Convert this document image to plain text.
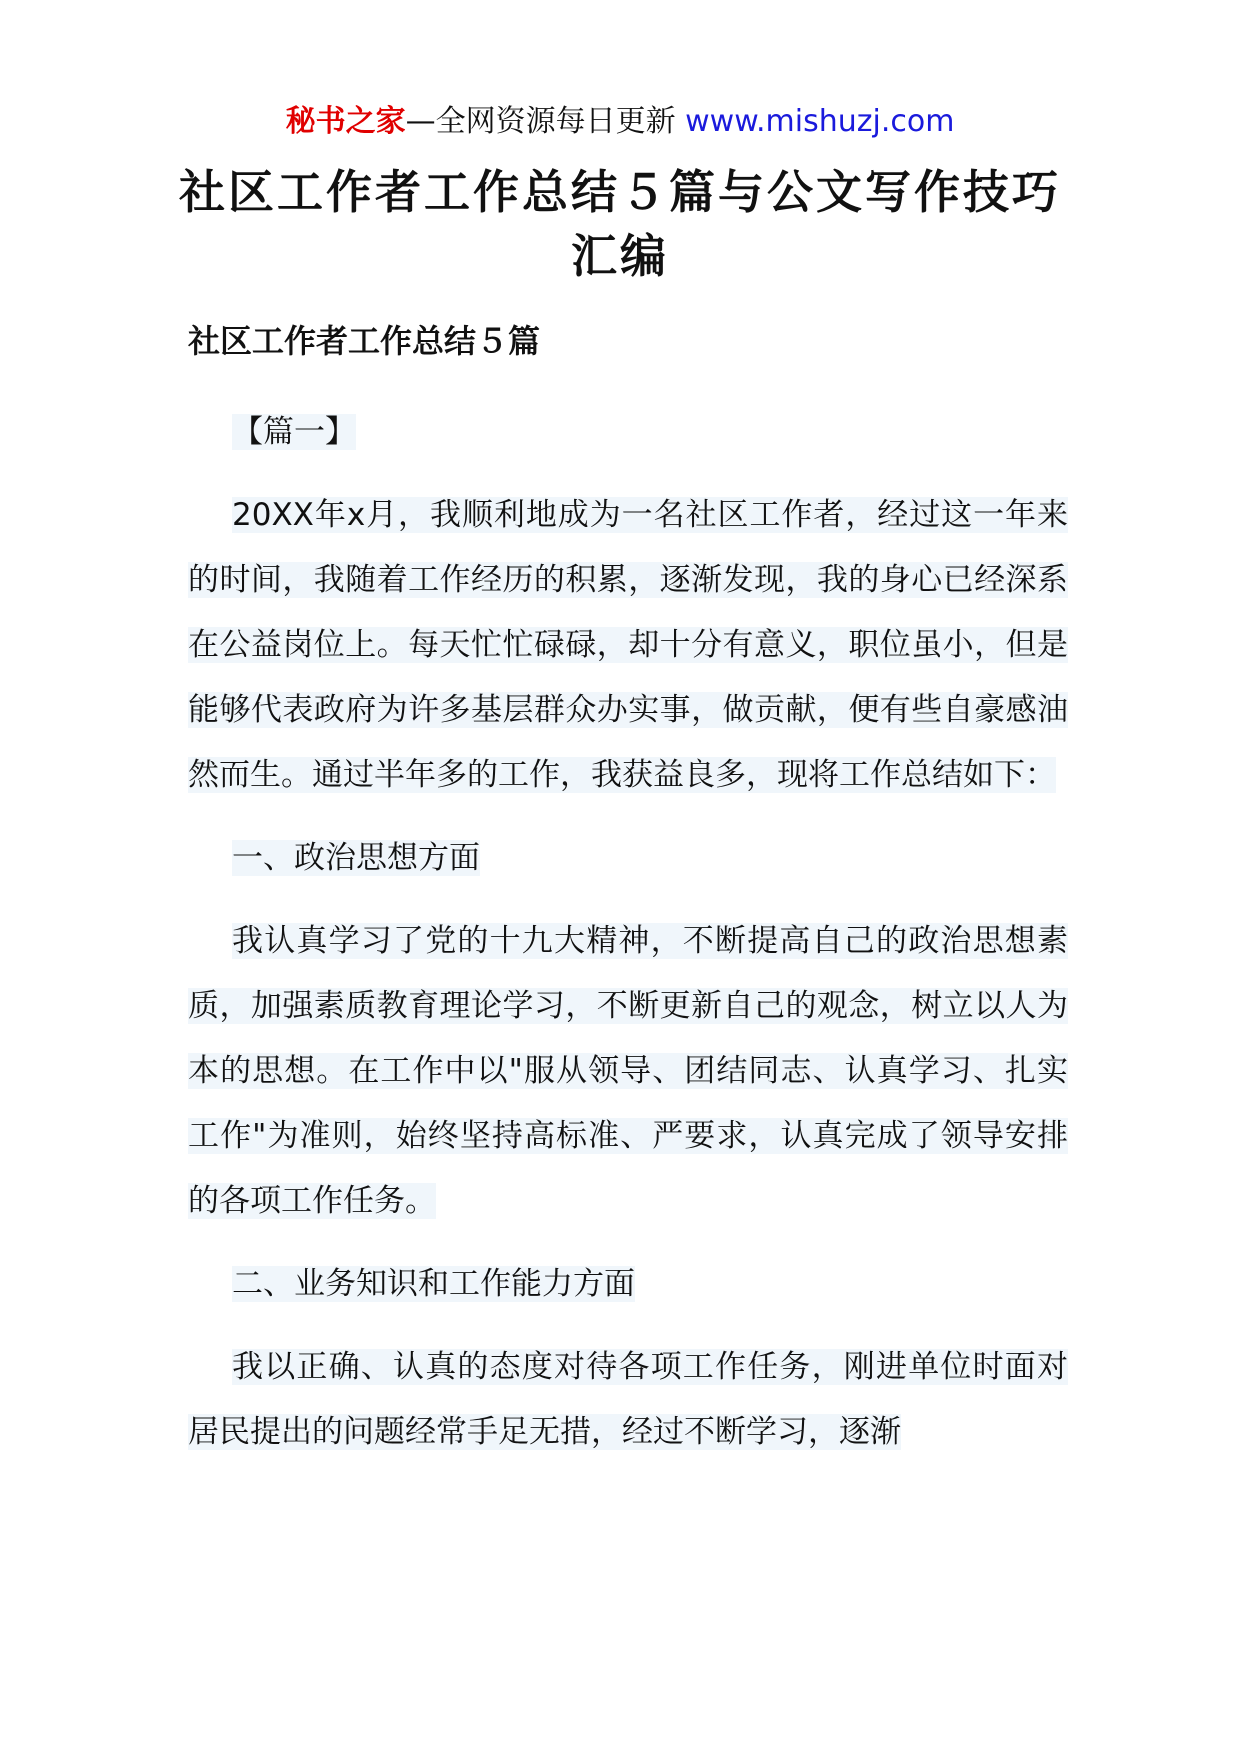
秘书之家—全网资源每日更新 www.mishuzj.com
社区工作者工作总结５篇与公文写作技巧汇编
社区工作者工作总结５篇

【篇一】

20XX年x月，我顺利地成为一名社区工作者，经过这一年来的时间，我随着工作经历的积累，逐渐发现，我的身心已经深系在公益岗位上。每天忙忙碌碌，却十分有意义，职位虽小，但是能够代表政府为许多基层群众办实事，做贡献，便有些自豪感油然而生。通过半年多的工作，我获益良多，现将工作总结如下：

一、政治思想方面

我认真学习了党的十九大精神，不断提高自己的政治思想素质，加强素质教育理论学习，不断更新自己的观念，树立以人为本的思想。在工作中以"服从领导、团结同志、认真学习、扎实工作"为准则，始终坚持高标准、严要求，认真完成了领导安排的各项工作任务。

二、业务知识和工作能力方面

我以正确、认真的态度对待各项工作任务，刚进单位时面对居民提出的问题经常手足无措，经过不断学习，逐渐
